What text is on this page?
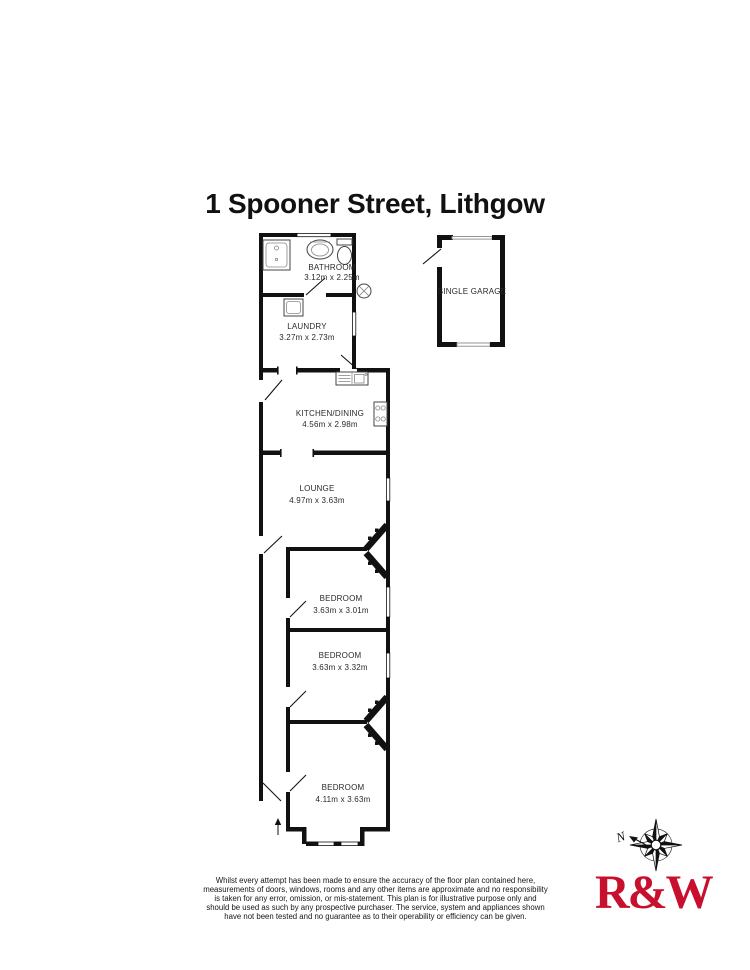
1 Spooner Street, Lithgow
BATHROOM
3.12m x 2.25m
LAUNDRY
3.27m x 2.73m
KITCHEN/DINING
4.56m x 2.98m
LOUNGE
4.97m x 3.63m
BEDROOM
3.63m x 3.01m
BEDROOM
3.63m x 3.32m
BEDROOM
4.11m x 3.63m
SINGLE GARAGE
N
Whilst every attempt has been made to ensure the accuracy of the floor plan contained here, measurements of doors, windows, rooms and any other items are approximate and no responsibility is taken for any error, omission, or mis-statement. This plan is for illustrative purpose only and should be used as such by any prospective purchaser. The service, system and appliances shown have not been tested and no guarantee as to their operability or efficiency can be given.	R&W
